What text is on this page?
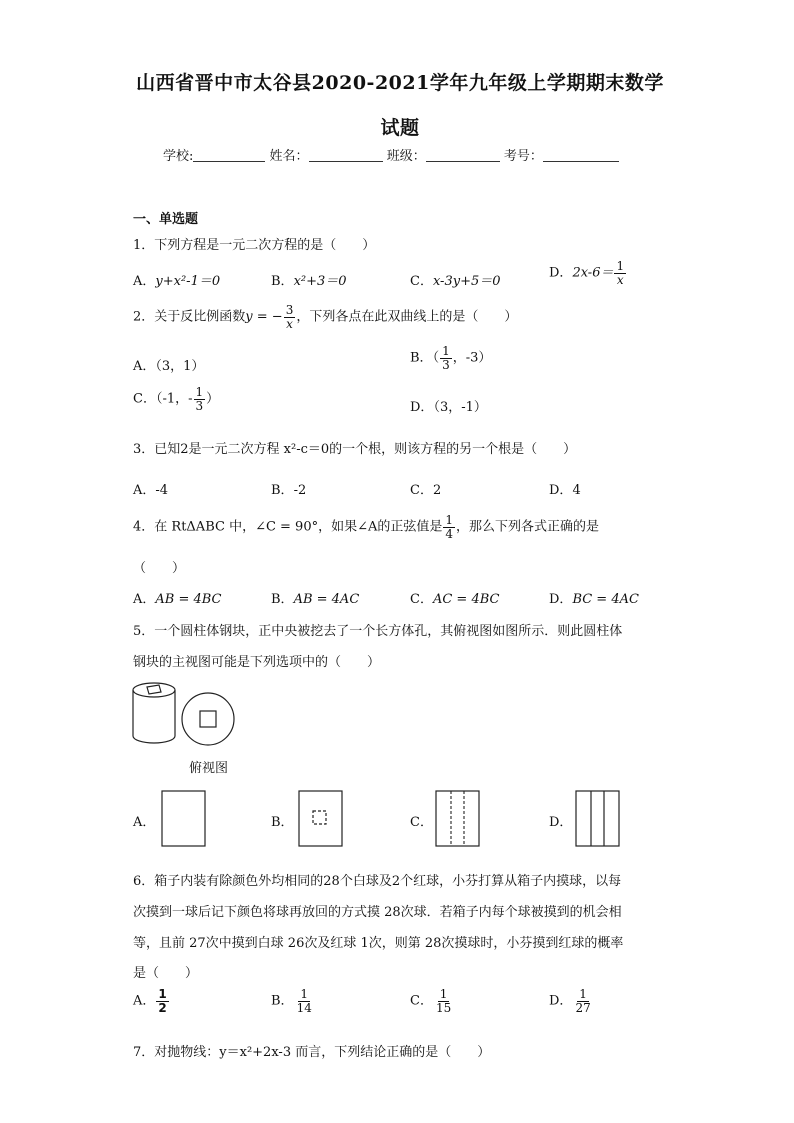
山西省晋中市太谷县2020-2021学年九年级上学期期末数学
试题
学校:	姓名：	班级：	考号：
一、单选题
1．下列方程是一元二次方程的是（　　）
A．y+x²-1＝0	B．x²+3＝0	C．x-3y+5＝0
D．$2x-6= \frac{1}{x}$
2．关于反比例函数y = − $\frac{3}{x}$ ，下列各点在此双曲线上的是（　　）
A．（3，1）
B．（ $\frac{1}{3}$ ，-3）
C．（-1，- $\frac{1}{3}$ ）
D．（3，-1）
3．已知2是一元二次方程 x²-c＝0的一个根，则该方程的另一个根是（　　）
A．-4	B．-2	C．2	D．4
4．在 RtΔABC 中，∠C = 90°，如果∠A的正弦值是 $\frac{1}{4}$ ，那么下列各式正确的是
（　　）
A．AB = 4BC	B．AB = 4AC	C．AC = 4BC	D．BC = 4AC
5．一个圆柱体钢块，正中央被挖去了一个长方体孔，其俯视图如图所示．则此圆柱体
钢块的主视图可能是下列选项中的（　　）
俯视图
A．	B．	C．	D．
6．箱子内装有除颜色外均相同的28个白球及2个红球，小芬打算从箱子内摸球，以每
次摸到一球后记下颜色将球再放回的方式摸 28次球．若箱子内每个球被摸到的机会相
等，且前 27次中摸到白球 26次及红球 1次，则第 28次摸球时，小芬摸到红球的概率
是（　　）
A． $\frac{1}{2}$	B． $\frac{1}{14}$	C． $\frac{1}{15}$	D． $\frac{1}{27}$
7．对抛物线：y＝x²+2x-3 而言，下列结论正确的是（　　）
